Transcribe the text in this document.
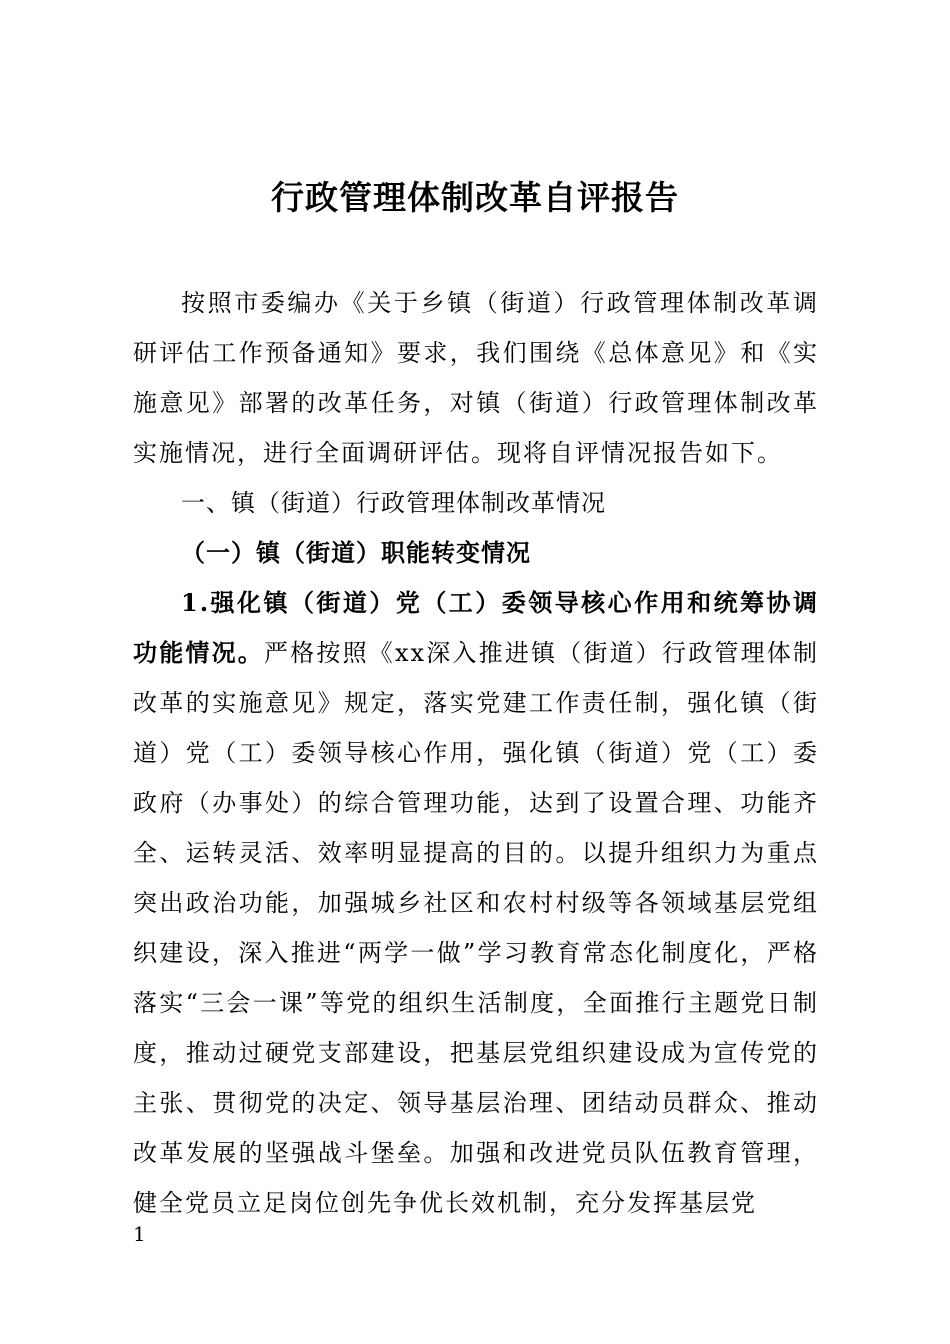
行政管理体制改革自评报告

按照市委编办《关于乡镇（街道）行政管理体制改革调研评估工作预备通知》要求，我们围绕《总体意见》和《实施意见》部署的改革任务，对镇（街道）行政管理体制改革实施情况，进行全面调研评估。现将自评情况报告如下。

一、镇（街道）行政管理体制改革情况

（一）镇（街道）职能转变情况

1.强化镇（街道）党（工）委领导核心作用和统筹协调功能情况。严格按照《xx深入推进镇（街道）行政管理体制改革的实施意见》规定，落实党建工作责任制，强化镇（街道）党（工）委领导核心作用，强化镇（街道）党（工）委政府（办事处）的综合管理功能，达到了设置合理、功能齐全、运转灵活、效率明显提高的目的。以提升组织力为重点突出政治功能，加强城乡社区和农村村级等各领域基层党组织建设，深入推进“两学一做”学习教育常态化制度化，严格落实“三会一课”等党的组织生活制度，全面推行主题党日制度，推动过硬党支部建设，把基层党组织建设成为宣传党的主张、贯彻党的决定、领导基层治理、团结动员群众、推动改革发展的坚强战斗堡垒。加强和改进党员队伍教育管理，健全党员立足岗位创先争优长效机制，充分发挥基层党

1
